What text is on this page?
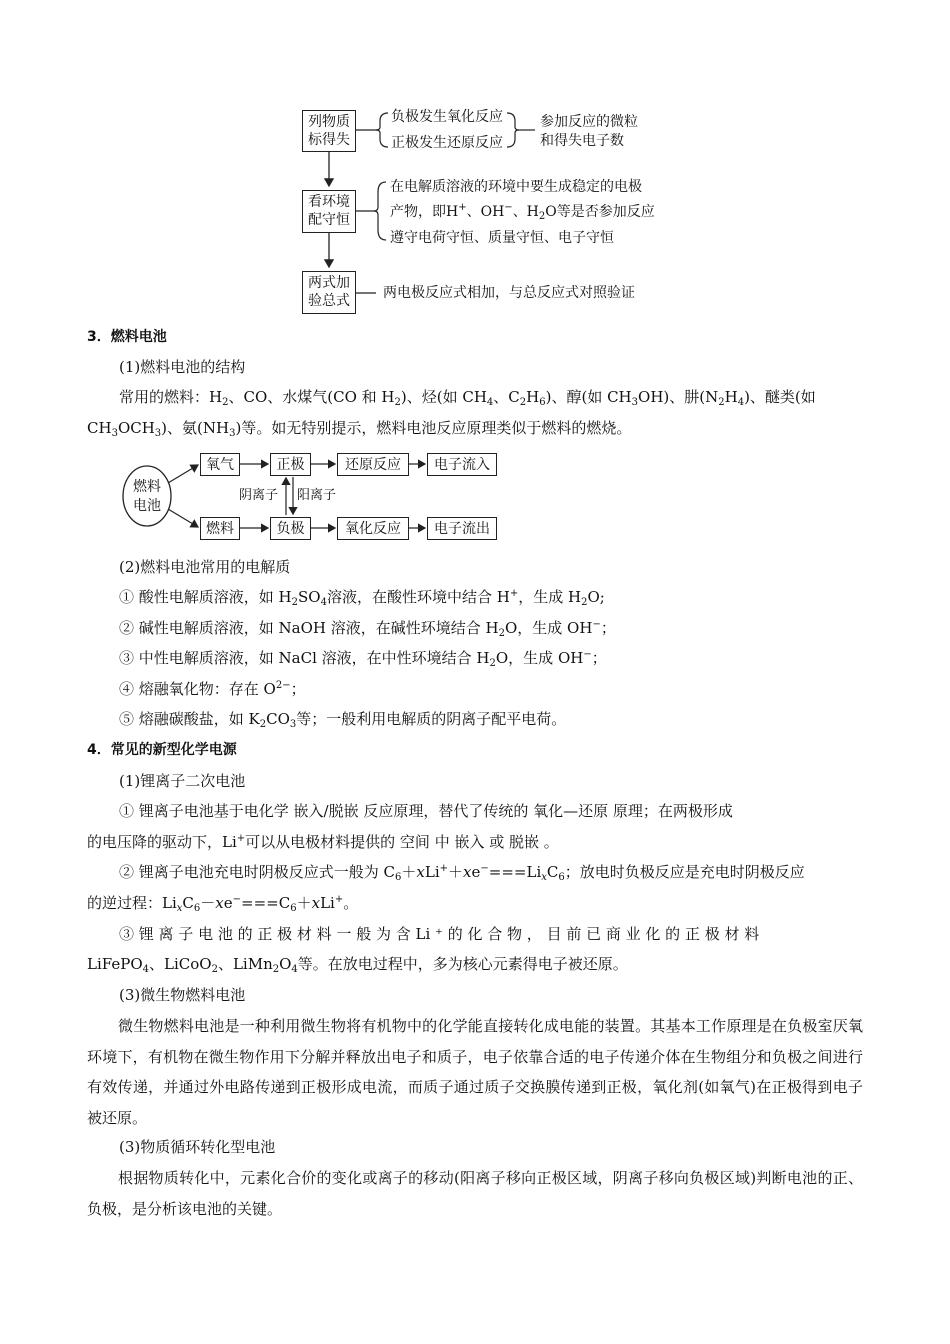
列物质
标得失
看环境
配守恒
两式加
验总式
负极发生氧化反应
正极发生还原反应
参加反应的微粒
和得失电子数
在电解质溶液的环境中要生成稳定的电极
产物，即H+、OH−、$H_2O$等是否参加反应
遵守电荷守恒、质量守恒、电子守恒
两电极反应式相加，与总反应式对照验证
3．燃料电池
(1)燃料电池的结构
常用的燃料：$H_2$、CO、水煤气(CO 和 $H_2$)、烃(如 $CH_4$、$C_2H_6$)、醇(如 $CH_3OH$)、肼$(N_2H_4)$、醚类(如
$CH_3OCH_3$)、氨$(NH_3)$等。如无特别提示，燃料电池反应原理类似于燃料的燃烧。
燃料
电池
氧气	正极	还原反应	电子流入
燃料	负极	氧化反应	电子流出
阴离子 阳离子
(2)燃料电池常用的电解质
① 酸性电解质溶液，如 $H_2SO_4$溶液，在酸性环境中结合 H+，生成 $H_2O$;
② 碱性电解质溶液，如 NaOH 溶液，在碱性环境结合 $H_2O$，生成 OH−；
③ 中性电解质溶液，如 NaCl 溶液，在中性环境结合 $H_2O$，生成 OH−；
④ 熔融氧化物：存在 $O^{2-}$；
⑤ 熔融碳酸盐，如 $K_2CO_3$等；一般利用电解质的阴离子配平电荷。
4．常见的新型化学电源
(1)锂离子二次电池
① 锂离子电池基于电化学 嵌入/脱嵌 反应原理，替代了传统的 氧化—还原 原理；在两极形成
的电压降的驱动下，Li+可以从电极材料提供的 空间 中 嵌入 或 脱嵌 。
② 锂离子电池充电时阴极反应式一般为 $C_6+xLi^++xe^-===Li_xC_6$；放电时负极反应是充电时阴极反应
的逆过程：$Li_xC_6-xe^-===C_6+xLi^+$。
③ 锂 离 子 电 池 的 正 极 材 料 一 般 为 含 Li ⁺ 的 化 合 物 ， 目 前 已 商 业 化 的 正 极 材 料
LiFePO$_4$、LiCoO$_2$、$LiMn_2O_4$等。在放电过程中，多为核心元素得电子被还原。
(3)微生物燃料电池
微生物燃料电池是一种利用微生物将有机物中的化学能直接转化成电能的装置。其基本工作原理是在负极室厌氧环境下，有机物在微生物作用下分解并释放出电子和质子，电子依靠合适的电子传递介体在生物组分和负极之间进行有效传递，并通过外电路传递到正极形成电流，而质子通过质子交换膜传递到正极，氧化剂(如氧气)在正极得到电子被还原。
(3)物质循环转化型电池
根据物质转化中，元素化合价的变化或离子的移动(阳离子移向正极区域，阴离子移向负极区域)判断电池的正、负极，是分析该电池的关键。
